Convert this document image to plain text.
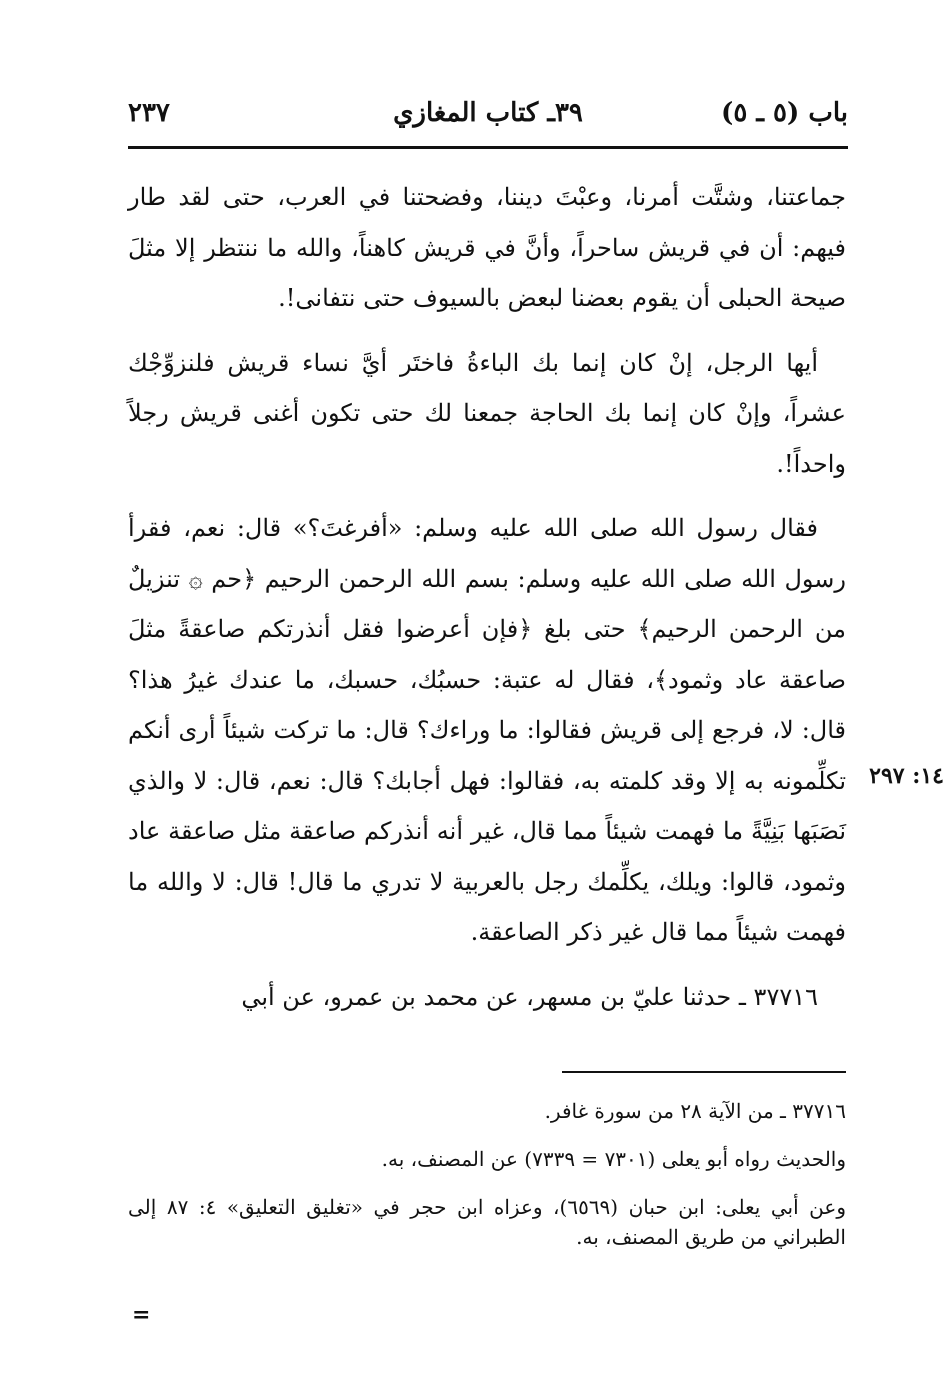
باب (٥ ـ ٥)
٣٩ـ كتاب المغازي
٢٣٧

جماعتنا، وشتَّت أمرنا، وعبْتَ ديننا، وفضحتنا في العرب، حتى لقد طار فيهم: أن في قريش ساحراً، وأنَّ في قريش كاهناً، والله ما ننتظر إلا مثلَ صيحة الحبلى أن يقوم بعضنا لبعض بالسيوف حتى نتفانى!.

أيها الرجل، إنْ كان إنما بك الباءةُ فاختَر أيَّ نساء قريش فلنزوِّجْك عشراً، وإنْ كان إنما بك الحاجة جمعنا لك حتى تكون أغنى قريش رجلاً واحداً!.

فقال رسول الله صلى الله عليه وسلم: «أفرغتَ؟» قال: نعم، فقرأ رسول الله صلى الله عليه وسلم: بسم الله الرحمن الرحيم ﴿حم ۞ تنزيلٌ من الرحمن الرحيم﴾ حتى بلغ ﴿فإن أعرضوا فقل أنذرتكم صاعقةً مثلَ صاعقة عاد وثمود﴾، فقال له عتبة: حسبُك، حسبك، ما عندك غيرُ هذا؟ قال: لا، فرجع إلى قريش فقالوا: ما وراءك؟ قال: ما تركت شيئاً أرى أنكم تكلِّمونه به إلا وقد كلمته به، فقالوا: فهل أجابك؟ قال: نعم، قال: لا والذي نَصَبَها بَنِيَّةً ما فهمت شيئاً مما قال، غير أنه أنذركم صاعقة مثل صاعقة عاد وثمود، قالوا: ويلك، يكلِّمك رجل بالعربية لا تدري ما قال! قال: لا والله ما فهمت شيئاً مما قال غير ذكر الصاعقة.

٣٧٧١٦ ـ حدثنا عليّ بن مسهر، عن محمد بن عمرو، عن أبي

١٤: ٢٩٧

٣٧٧١٦ ـ من الآية ٢٨ من سورة غافر.

والحديث رواه أبو يعلى (٧٣٠١ = ٧٣٣٩) عن المصنف، به.

وعن أبي يعلى: ابن حبان (٦٥٦٩)، وعزاه ابن حجر في «تغليق التعليق» ٤: ٨٧ إلى الطبراني من طريق المصنف، به.

=
